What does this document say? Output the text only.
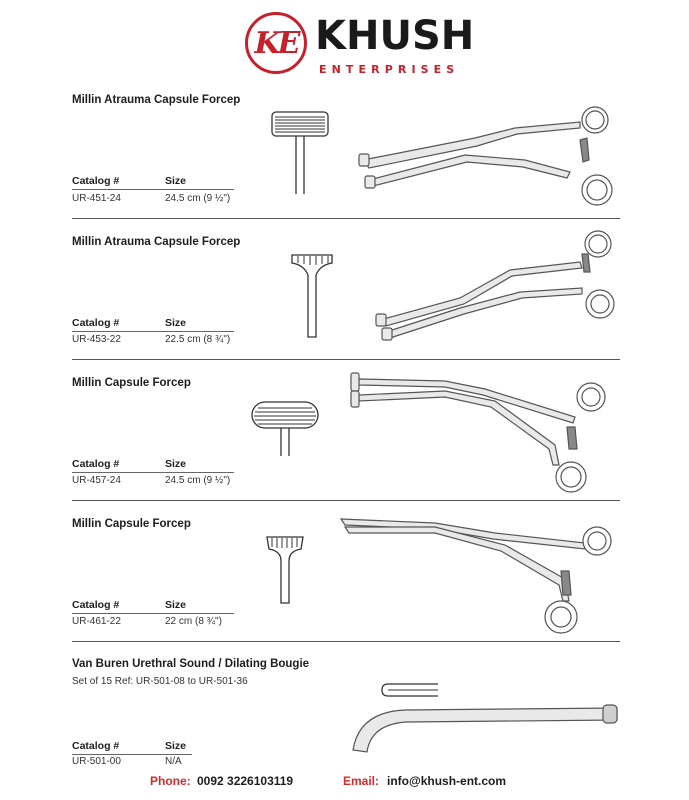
KE KHUSH
ENTERPRISES
Millin Atrauma Capsule Forcep
Catalog #	Size
UR-451-24	24.5 cm (9 ½")
Millin Atrauma Capsule Forcep
Catalog #	Size
UR-453-22	22.5 cm (8 ¾")
Millin Capsule Forcep
Catalog #	Size
UR-457-24	24.5 cm (9 ½")
Millin Capsule Forcep
Catalog #	Size
UR-461-22	22 cm (8 ¾")
Van Buren Urethral Sound / Dilating Bougie
Set of 15 Ref: UR-501-08 to UR-501-36
Catalog #	Size
UR-501-00	N/A
Phone: 0092 3226103119	Email: info@khush-ent.com
